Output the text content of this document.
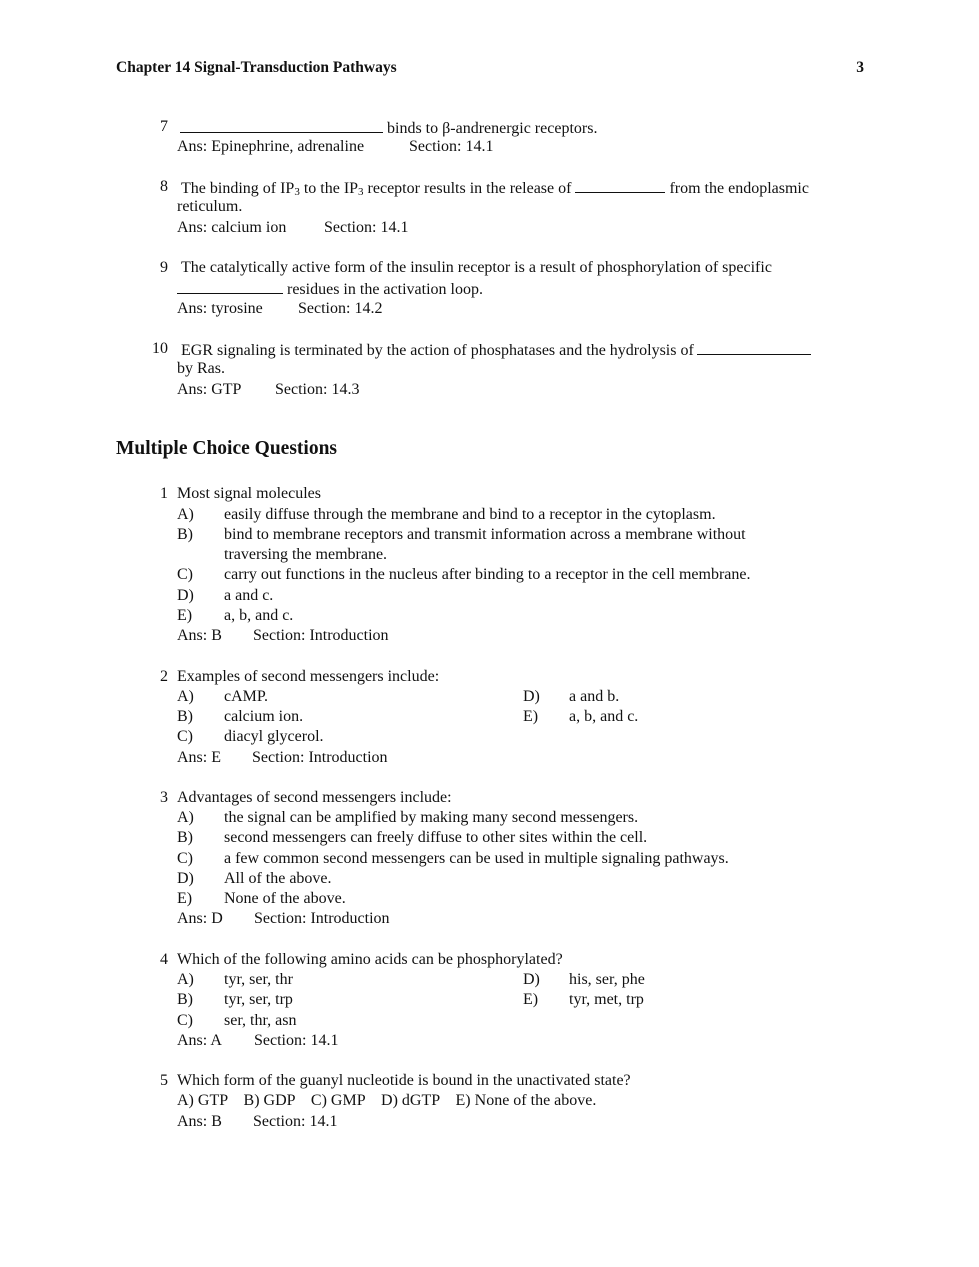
Chapter 14 Signal-Transduction Pathways	3
7	binds to β-andrenergic receptors.
Ans: Epinephrine, adrenaline	Section: 14.1
8 The binding of $IP_3$ to the $IP_3$ receptor results in the release of	from the endoplasmic
reticulum.
Ans: calcium ion Section: 14.1
9 The catalytically active form of the insulin receptor is a result of phosphorylation of specific
residues in the activation loop.
Ans: tyrosine Section: 14.2
10 EGR signaling is terminated by the action of phosphatases and the hydrolysis of
by Ras.
Ans: GTP Section: 14.3
Multiple Choice Questions
1 Most signal molecules
A) easily diffuse through the membrane and bind to a receptor in the cytoplasm.
B) bind to membrane receptors and transmit information across a membrane without
traversing the membrane.
C) carry out functions in the nucleus after binding to a receptor in the cell membrane.
D) a and c.
E) a, b, and c.
Ans: B Section: Introduction
2 Examples of second messengers include:
A) cAMP.
B) calcium ion.
C) diacyl glycerol.
D) a and b.
E) a, b, and c.
Ans: E Section: Introduction
3 Advantages of second messengers include:
A) the signal can be amplified by making many second messengers.
B) second messengers can freely diffuse to other sites within the cell.
C) a few common second messengers can be used in multiple signaling pathways.
D) All of the above.
E) None of the above.
Ans: D Section: Introduction
4 Which of the following amino acids can be phosphorylated?
A) tyr, ser, thr
B) tyr, ser, trp
C) ser, thr, asn
D) his, ser, phe
E) tyr, met, trp
Ans: A Section: 14.1
5 Which form of the guanyl nucleotide is bound in the unactivated state?
A) GTP    B) GDP    C) GMP    D) dGTP    E) None of the above.
Ans: B Section: 14.1
